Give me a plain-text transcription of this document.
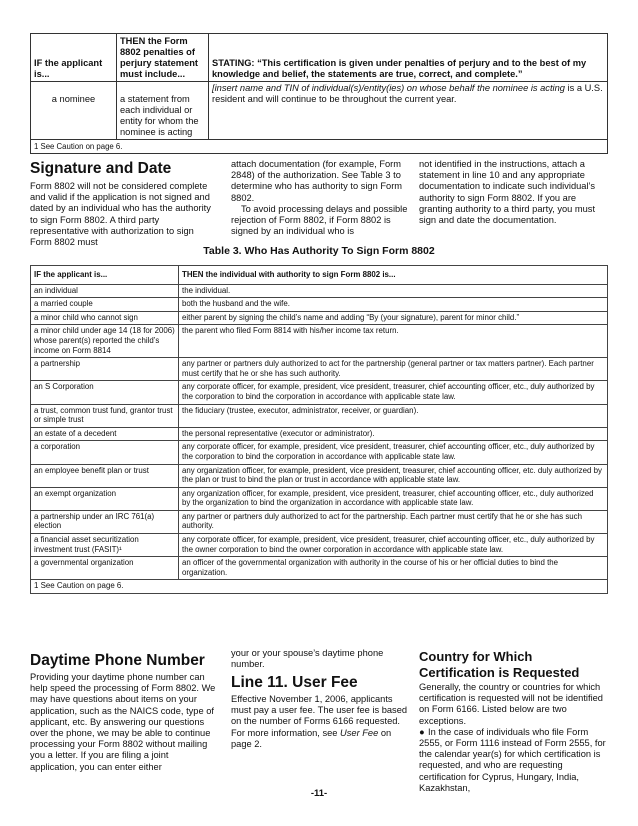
IF the applicant is...	THEN the Form 8802 penalties of perjury statement must include...	STATING: “This certification is given under penalties of perjury and to the best of my knowledge and belief, the statements are true, correct, and complete.”
a nominee	a statement from each individual or entity for whom the nominee is acting	[insert name and TIN of individual(s)/entity(ies) on whose behalf the nominee is acting is a U.S. resident and will continue to be throughout the current year.
1 See Caution on page 6.		
Signature and Date
Form 8802 will not be considered complete and valid if the application is not signed and dated by an individual who has the authority to sign Form 8802. A third party representative with authorization to sign Form 8802 must
attach documentation (for example, Form 2848) of the authorization. See Table 3 to determine who has authority to sign Form 8802.
To avoid processing delays and possible rejection of Form 8802, if Form 8802 is signed by an individual who is
not identified in the instructions, attach a statement in line 10 and any appropriate documentation to indicate such individual’s authority to sign Form 8802. If you are granting authority to a third party, you must sign and date the documentation.
Table 3. Who Has Authority To Sign Form 8802
IF the applicant is...	THEN the individual with authority to sign Form 8802 is...
an individual	the individual.
a married couple	both the husband and the wife.
a minor child who cannot sign	either parent by signing the child’s name and adding “By (your signature), parent for minor child.”
a minor child under age 14 (18 for 2006) whose parent(s) reported the child’s income on Form 8814	the parent who filed Form 8814 with his/her income tax return.
a partnership	any partner or partners duly authorized to act for the partnership (general partner or tax matters partner). Each partner must certify that he or she has such authority.
an S Corporation	any corporate officer, for example, president, vice president, treasurer, chief accounting officer, etc., duly authorized by the corporation to bind the corporation in accordance with applicable state law.
a trust, common trust fund, grantor trust or simple trust	the fiduciary (trustee, executor, administrator, receiver, or guardian).
an estate of a decedent	the personal representative (executor or administrator).
a corporation	any corporate officer, for example, president, vice president, treasurer, chief accounting officer, etc., duly authorized by the corporation to bind the corporation in accordance with applicable state law.
an employee benefit plan or trust	any organization officer, for example, president, vice president, treasurer, chief accounting officer, etc. duly authorized by the plan or trust to bind the plan or trust in accordance with applicable state law.
an exempt organization	any organization officer, for example, president, vice president, treasurer, chief accounting officer, etc., duly authorized by the organization to bind the organization in accordance with applicable state law.
a partnership under an IRC 761(a) election	any partner or partners duly authorized to act for the partnership. Each partner must certify that he or she has such authority.
a financial asset securitization investment trust (FASIT)¹	any corporate officer, for example, president, vice president, treasurer, chief accounting officer, etc., duly authorized by the owner corporation to bind the owner corporation in accordance with applicable state law.
a governmental organization	an officer of the governmental organization with authority in the course of his or her official duties to bind the organization.
1 See Caution on page 6.	
Daytime Phone Number
Providing your daytime phone number can help speed the processing of Form 8802. We may have questions about items on your application, such as the NAICS code, type of applicant, etc. By answering our questions over the phone, we may be able to continue processing your Form 8802 without mailing you a letter. If you are filing a joint application, you can enter either
your or your spouse’s daytime phone number.
Line 11. User Fee
Effective November 1, 2006, applicants must pay a user fee. The user fee is based on the number of Forms 6166 requested. For more information, see User Fee on page 2.
Country for Which Certification is Requested
Generally, the country or countries for which certification is requested will not be identified on Form 6166. Listed below are two exceptions.
● In the case of individuals who file Form 2555, or Form 1116 instead of Form 2555, for the calendar year(s) for which certification is requested, and who are requesting certification for Cyprus, Hungary, India, Kazakhstan,
-11-
